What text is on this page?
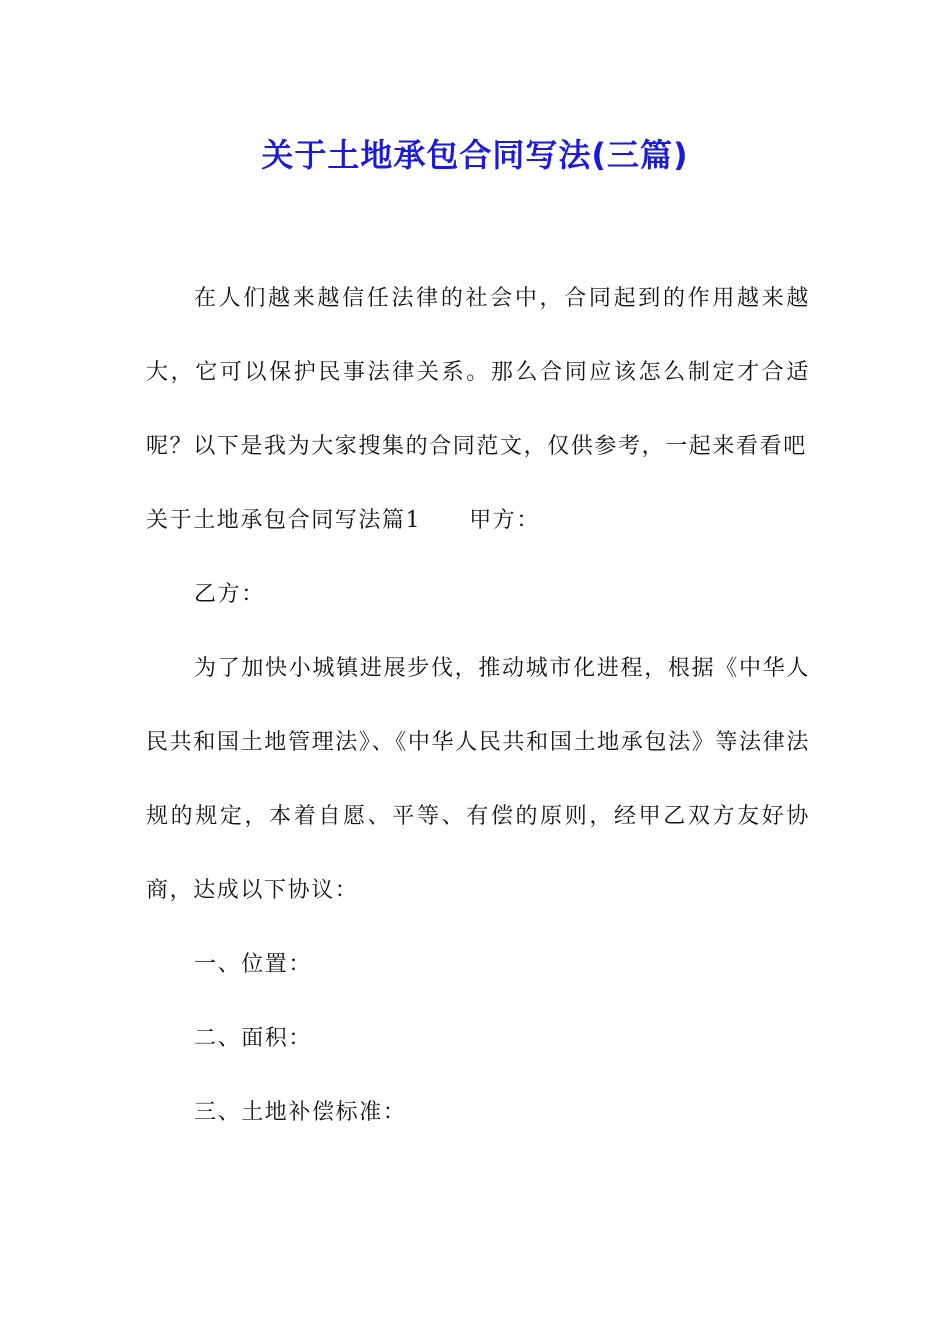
关于土地承包合同写法(三篇)

在人们越来越信任法律的社会中，合同起到的作用越来越大，它可以保护民事法律关系。那么合同应该怎么制定才合适呢？以下是我为大家搜集的合同范文，仅供参考，一起来看看吧

关于土地承包合同写法篇1 甲方：

乙方：

为了加快小城镇进展步伐，推动城市化进程，根据《中华人民共和国土地管理法》、《中华人民共和国土地承包法》等法律法规的规定，本着自愿、平等、有偿的原则，经甲乙双方友好协商，达成以下协议：

一、位置：

二、面积：

三、土地补偿标准：
